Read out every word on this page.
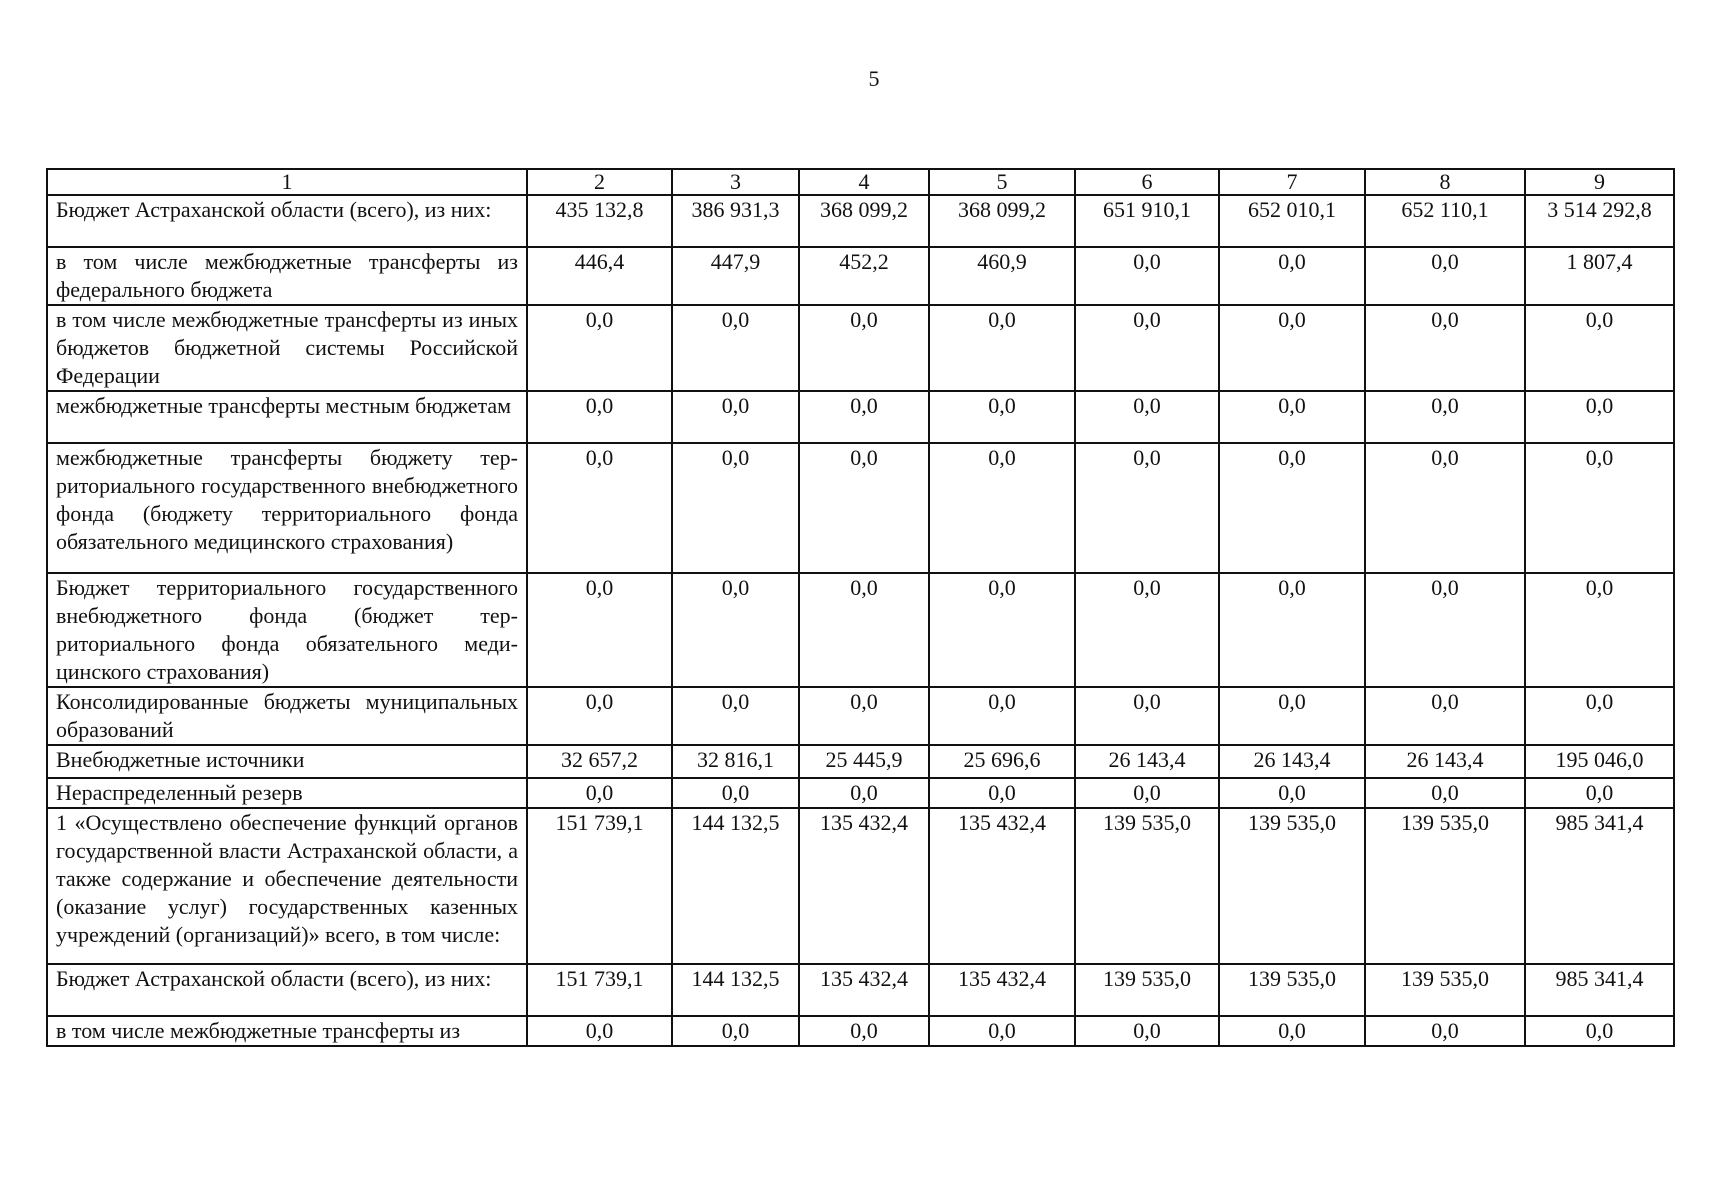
5
1	2	3	4	5	6	7	8	9
Бюджет Астраханской области (всего), из них:	435 132,8	386 931,3	368 099,2	368 099,2	651 910,1	652 010,1	652 110,1	3 514 292,8
в том числе межбюджетные трансферты из федерального бюджета	446,4	447,9	452,2	460,9	0,0	0,0	0,0	1 807,4
в том числе межбюджетные трансферты из иных бюджетов бюджетной системы Российской Федерации	0,0	0,0	0,0	0,0	0,0	0,0	0,0	0,0
межбюджетные трансферты местным бюджетам	0,0	0,0	0,0	0,0	0,0	0,0	0,0	0,0
межбюджетные трансферты бюджету территориального государственного внебюджетного фонда (бюджету территориального фонда обязательного медицинского страхования)	0,0	0,0	0,0	0,0	0,0	0,0	0,0	0,0
Бюджет территориального государственного внебюджетного фонда (бюджет территориального фонда обязательного медицинского страхования)	0,0	0,0	0,0	0,0	0,0	0,0	0,0	0,0
Консолидированные бюджеты муниципальных образований	0,0	0,0	0,0	0,0	0,0	0,0	0,0	0,0
Внебюджетные источники	32 657,2	32 816,1	25 445,9	25 696,6	26 143,4	26 143,4	26 143,4	195 046,0
Нераспределенный резерв	0,0	0,0	0,0	0,0	0,0	0,0	0,0	0,0
1 «Осуществлено обеспечение функций органов государственной власти Астраханской области, а также содержание и обеспечение деятельности (оказание услуг) государственных казенных учреждений (организаций)» всего, в том числе:	151 739,1	144 132,5	135 432,4	135 432,4	139 535,0	139 535,0	139 535,0	985 341,4
Бюджет Астраханской области (всего), из них:	151 739,1	144 132,5	135 432,4	135 432,4	139 535,0	139 535,0	139 535,0	985 341,4
в том числе межбюджетные трансферты из	0,0	0,0	0,0	0,0	0,0	0,0	0,0	0,0
